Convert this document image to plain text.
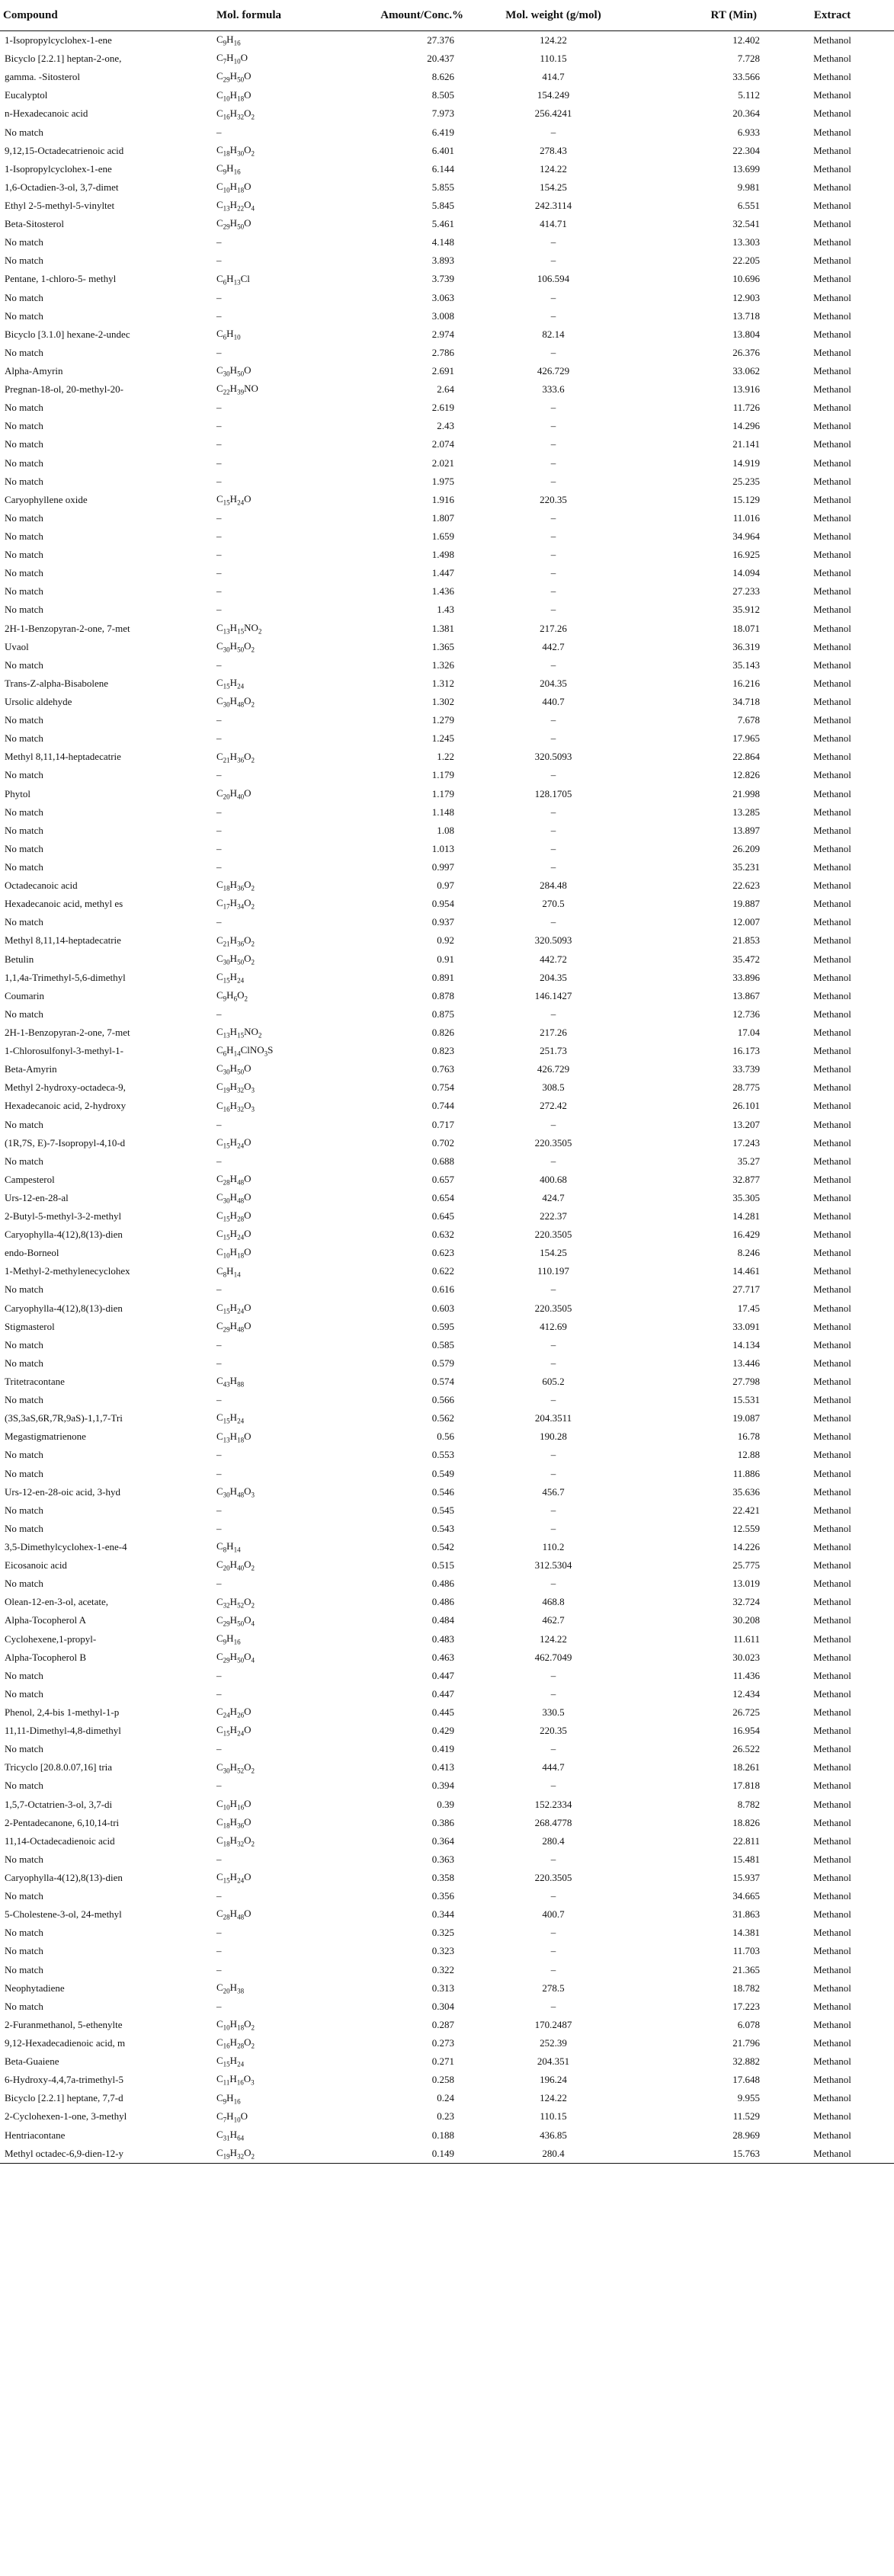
Compound	Mol. formula	Amount/Conc.%	Mol. weight (g/mol)	RT (Min)	Extract
1-Isopropylcyclohex-1-ene	$C_9H_{16}$	27.376	124.22	12.402	Methanol
Bicyclo [2.2.1] heptan-2-one,	$C_7H_{10}O$	20.437	110.15	7.728	Methanol
gamma. -Sitosterol	$C_{29}H_{50}O$	8.626	414.7	33.566	Methanol
Eucalyptol	$C_{10}H_{18}O$	8.505	154.249	5.112	Methanol
n-Hexadecanoic acid	$C_{16}H_{32}O_2$	7.973	256.4241	20.364	Methanol
No match	–	6.419	–	6.933	Methanol
9,12,15-Octadecatrienoic acid	$C_{18}H_{30}O_2$	6.401	278.43	22.304	Methanol
1-Isopropylcyclohex-1-ene	$C_9H_{16}$	6.144	124.22	13.699	Methanol
1,6-Octadien-3-ol, 3,7-dimet	$C_{10}H_{18}O$	5.855	154.25	9.981	Methanol
Ethyl 2-5-methyl-5-vinyltet	$C_{13}H_{22}O_4$	5.845	242.3114	6.551	Methanol
Beta-Sitosterol	$C_{29}H_{50}O$	5.461	414.71	32.541	Methanol
No match	–	4.148	–	13.303	Methanol
No match	–	3.893	–	22.205	Methanol
Pentane, 1-chloro-5- methyl	$C_6H_{13}Cl$	3.739	106.594	10.696	Methanol
No match	–	3.063	–	12.903	Methanol
No match	–	3.008	–	13.718	Methanol
Bicyclo [3.1.0] hexane-2-undec	$C_6H_{10}$	2.974	82.14	13.804	Methanol
No match	–	2.786	–	26.376	Methanol
Alpha-Amyrin	$C_{30}H_{50}O$	2.691	426.729	33.062	Methanol
Pregnan-18-ol, 20-methyl-20-	$C_{22}H_{39}NO$	2.64	333.6	13.916	Methanol
No match	–	2.619	–	11.726	Methanol
No match	–	2.43	–	14.296	Methanol
No match	–	2.074	–	21.141	Methanol
No match	–	2.021	–	14.919	Methanol
No match	–	1.975	–	25.235	Methanol
Caryophyllene oxide	$C_{15}H_{24}O$	1.916	220.35	15.129	Methanol
No match	–	1.807	–	11.016	Methanol
No match	–	1.659	–	34.964	Methanol
No match	–	1.498	–	16.925	Methanol
No match	–	1.447	–	14.094	Methanol
No match	–	1.436	–	27.233	Methanol
No match	–	1.43	–	35.912	Methanol
2H-1-Benzopyran-2-one, 7-met	$C_{13}H_{15}NO_2$	1.381	217.26	18.071	Methanol
Uvaol	$C_{30}H_{50}O_2$	1.365	442.7	36.319	Methanol
No match	–	1.326	–	35.143	Methanol
Trans-Z-alpha-Bisabolene	$C_{15}H_{24}$	1.312	204.35	16.216	Methanol
Ursolic aldehyde	$C_{30}H_{48}O_2$	1.302	440.7	34.718	Methanol
No match	–	1.279	–	7.678	Methanol
No match	–	1.245	–	17.965	Methanol
Methyl 8,11,14-heptadecatrie	$C_{21}H_{36}O_2$	1.22	320.5093	22.864	Methanol
No match	–	1.179	–	12.826	Methanol
Phytol	$C_{20}H_{40}O$	1.179	128.1705	21.998	Methanol
No match	–	1.148	–	13.285	Methanol
No match	–	1.08	–	13.897	Methanol
No match	–	1.013	–	26.209	Methanol
No match	–	0.997	–	35.231	Methanol
Octadecanoic acid	$C_{18}H_{36}O_2$	0.97	284.48	22.623	Methanol
Hexadecanoic acid, methyl es	$C_{17}H_{34}O_2$	0.954	270.5	19.887	Methanol
No match	–	0.937	–	12.007	Methanol
Methyl 8,11,14-heptadecatrie	$C_{21}H_{36}O_2$	0.92	320.5093	21.853	Methanol
Betulin	$C_{30}H_{50}O_2$	0.91	442.72	35.472	Methanol
1,1,4a-Trimethyl-5,6-dimethyl	$C_{15}H_{24}$	0.891	204.35	33.896	Methanol
Coumarin	$C_9H_6O_2$	0.878	146.1427	13.867	Methanol
No match	–	0.875	–	12.736	Methanol
2H-1-Benzopyran-2-one, 7-met	$C_{13}H_{15}NO_2$	0.826	217.26	17.04	Methanol
1-Chlorosulfonyl-3-methyl-1-	$C_6H_{14}ClNO_3S$	0.823	251.73	16.173	Methanol
Beta-Amyrin	$C_{30}H_{50}O$	0.763	426.729	33.739	Methanol
Methyl 2-hydroxy-octadeca-9,	$C_{19}H_{32}O_3$	0.754	308.5	28.775	Methanol
Hexadecanoic acid, 2-hydroxy	$C_{16}H_{32}O_3$	0.744	272.42	26.101	Methanol
No match	–	0.717	–	13.207	Methanol
(1R,7S, E)-7-Isopropyl-4,10-d	$C_{15}H_{24}O$	0.702	220.3505	17.243	Methanol
No match	–	0.688	–	35.27	Methanol
Campesterol	$C_{28}H_{48}O$	0.657	400.68	32.877	Methanol
Urs-12-en-28-al	$C_{30}H_{48}O$	0.654	424.7	35.305	Methanol
2-Butyl-5-methyl-3-2-methyl	$C_{15}H_{28}O$	0.645	222.37	14.281	Methanol
Caryophylla-4(12),8(13)-dien	$C_{15}H_{24}O$	0.632	220.3505	16.429	Methanol
endo-Borneol	$C_{10}H_{18}O$	0.623	154.25	8.246	Methanol
1-Methyl-2-methylenecyclohex	$C_8H_{14}$	0.622	110.197	14.461	Methanol
No match	–	0.616	–	27.717	Methanol
Caryophylla-4(12),8(13)-dien	$C_{15}H_{24}O$	0.603	220.3505	17.45	Methanol
Stigmasterol	$C_{29}H_{48}O$	0.595	412.69	33.091	Methanol
No match	–	0.585	–	14.134	Methanol
No match	–	0.579	–	13.446	Methanol
Tritetracontane	$C_{43}H_{88}$	0.574	605.2	27.798	Methanol
No match	–	0.566	–	15.531	Methanol
(3S,3aS,6R,7R,9aS)-1,1,7-Tri	$C_{15}H_{24}$	0.562	204.3511	19.087	Methanol
Megastigmatrienone	$C_{13}H_{18}O$	0.56	190.28	16.78	Methanol
No match	–	0.553	–	12.88	Methanol
No match	–	0.549	–	11.886	Methanol
Urs-12-en-28-oic acid, 3-hyd	$C_{30}H_{48}O_3$	0.546	456.7	35.636	Methanol
No match	–	0.545	–	22.421	Methanol
No match	–	0.543	–	12.559	Methanol
3,5-Dimethylcyclohex-1-ene-4	$C_8H_{14}$	0.542	110.2	14.226	Methanol
Eicosanoic acid	$C_{20}H_{40}O_2$	0.515	312.5304	25.775	Methanol
No match	–	0.486	–	13.019	Methanol
Olean-12-en-3-ol, acetate,	$C_{32}H_{52}O_2$	0.486	468.8	32.724	Methanol
Alpha-Tocopherol A	$C_{29}H_{50}O_4$	0.484	462.7	30.208	Methanol
Cyclohexene,1-propyl-	$C_9H_{16}$	0.483	124.22	11.611	Methanol
Alpha-Tocopherol B	$C_{29}H_{50}O_4$	0.463	462.7049	30.023	Methanol
No match	–	0.447	–	11.436	Methanol
No match	–	0.447	–	12.434	Methanol
Phenol, 2,4-bis 1-methyl-1-p	$C_{24}H_{26}O$	0.445	330.5	26.725	Methanol
11,11-Dimethyl-4,8-dimethyl	$C_{15}H_{24}O$	0.429	220.35	16.954	Methanol
No match	–	0.419	–	26.522	Methanol
Tricyclo [20.8.0.07,16] tria	$C_{30}H_{52}O_2$	0.413	444.7	18.261	Methanol
No match	–	0.394	–	17.818	Methanol
1,5,7-Octatrien-3-ol, 3,7-di	$C_{10}H_{16}O$	0.39	152.2334	8.782	Methanol
2-Pentadecanone, 6,10,14-tri	$C_{18}H_{36}O$	0.386	268.4778	18.826	Methanol
11,14-Octadecadienoic acid	$C_{18}H_{32}O_2$	0.364	280.4	22.811	Methanol
No match	–	0.363	–	15.481	Methanol
Caryophylla-4(12),8(13)-dien	$C_{15}H_{24}O$	0.358	220.3505	15.937	Methanol
No match	–	0.356	–	34.665	Methanol
5-Cholestene-3-ol, 24-methyl	$C_{28}H_{48}O$	0.344	400.7	31.863	Methanol
No match	–	0.325	–	14.381	Methanol
No match	–	0.323	–	11.703	Methanol
No match	–	0.322	–	21.365	Methanol
Neophytadiene	$C_{20}H_{38}$	0.313	278.5	18.782	Methanol
No match	–	0.304	–	17.223	Methanol
2-Furanmethanol, 5-ethenylte	$C_{10}H_{18}O_2$	0.287	170.2487	6.078	Methanol
9,12-Hexadecadienoic acid, m	$C_{16}H_{28}O_2$	0.273	252.39	21.796	Methanol
Beta-Guaiene	$C_{15}H_{24}$	0.271	204.351	32.882	Methanol
6-Hydroxy-4,4,7a-trimethyl-5	$C_{11}H_{16}O_3$	0.258	196.24	17.648	Methanol
Bicyclo [2.2.1] heptane, 7,7-d	$C_9H_{16}$	0.24	124.22	9.955	Methanol
2-Cyclohexen-1-one, 3-methyl	$C_7H_{10}O$	0.23	110.15	11.529	Methanol
Hentriacontane	$C_{31}H_{64}$	0.188	436.85	28.969	Methanol
Methyl octadec-6,9-dien-12-y	$C_{19}H_{32}O_2$	0.149	280.4	15.763	Methanol
